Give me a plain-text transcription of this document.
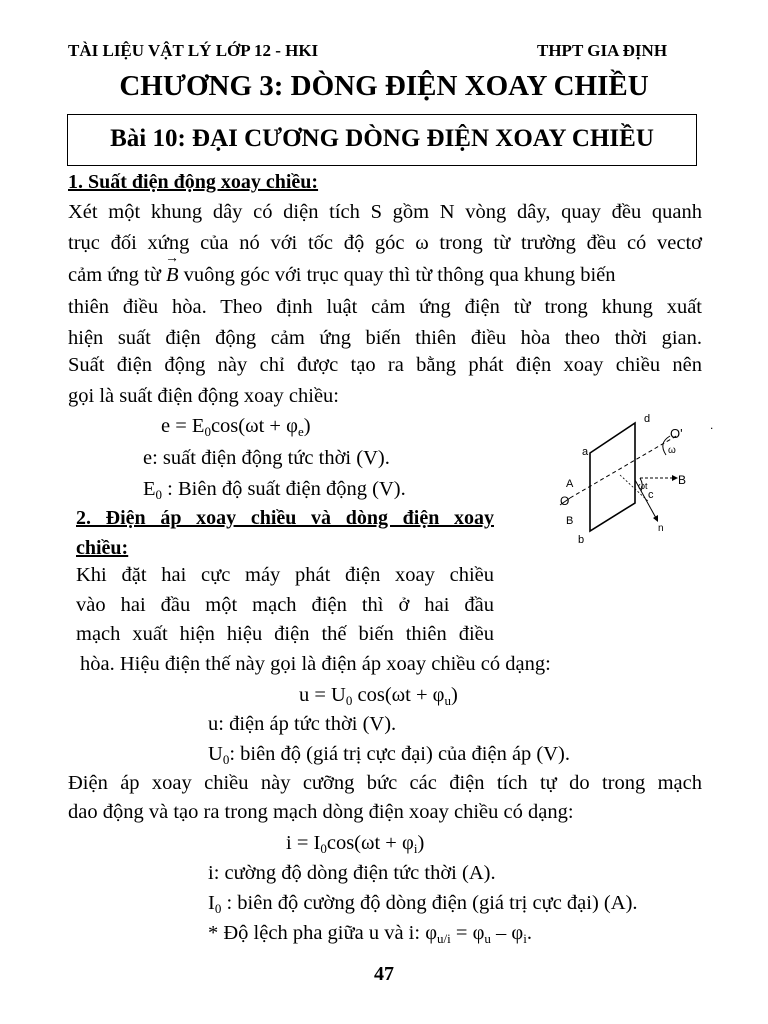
TÀI LIỆU VẬT LÝ LỚP 12 - HKI	THPT GIA ĐỊNH
CHƯƠNG 3: DÒNG ĐIỆN XOAY CHIỀU
Bài 10: ĐẠI CƯƠNG DÒNG ĐIỆN XOAY CHIỀU
1. Suất điện động xoay chiều:
Xét một khung dây có diện tích S gồm N vòng dây, quay đều quanh
trục đối xứng của nó với tốc độ góc ω trong từ trường đều có vectơ
cảm ứng từ → B vuông góc với trục quay thì từ thông qua khung biến
thiên điều hòa. Theo định luật cảm ứng điện từ trong khung xuất
hiện suất điện động cảm ứng biến thiên điều hòa theo thời gian.
Suất điện động này chỉ được tạo ra bằng phát điện xoay chiều nên
gọi là suất điện động xoay chiều:
$e = E_0\cos(\omega t + \varphi_e)$
e: suất điện động tức thời (V).
$E_0$ : Biên độ suất điện động (V).
d
a
b
c
A
O
B
O'
ω
ωt	B
n
.
2. Điện áp xoay chiều và dòng điện xoay
chiều:
Khi đặt hai cực máy phát điện xoay chiều
vào hai đầu một mạch điện thì ở hai đầu
mạch xuất hiện hiệu điện thế biến thiên điều
hòa. Hiệu điện thế này gọi là điện áp xoay chiều có dạng:
$u = U_0$ $\cos(\omega t + \varphi_u)$
u: điện áp tức thời (V).
$U_0$: biên độ (giá trị cực đại) của điện áp (V).
Điện áp xoay chiều này cưỡng bức các điện tích tự do trong mạch
dao động và tạo ra trong mạch dòng điện xoay chiều có dạng:
$i = I_0\cos(\omega t + \varphi_i)$
i: cường độ dòng điện tức thời (A).
$I_0$ : biên độ cường độ dòng điện (giá trị cực đại) (A).
* Độ lệch pha giữa u và i: $\varphi_{u/i} = \varphi_u - \varphi_i$.
47
